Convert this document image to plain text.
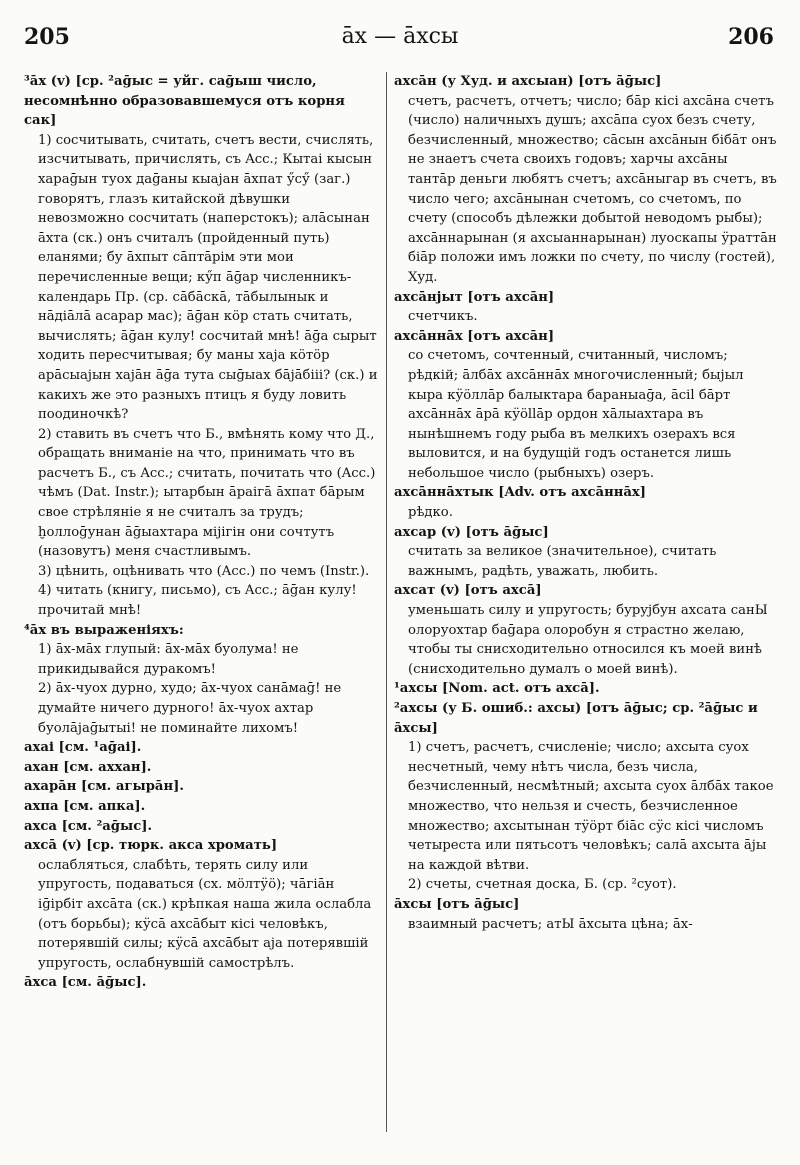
205	āх — āхсы	206

³āх (v) [ср. ²аḡыс = уйг. саḡыш число, несомнѣнно образовавшемуся отъ корня сак]

1) сосчитывать, считать, счетъ вести, счислять, изсчитывать, причислять, съ Acc.; Кытаі кысын хараḡын туох даḡаны кыаjан āхпат ӳсӳ (заг.) говорятъ, глазъ китайской дѣвушки невозможно сосчитать (наперстокъ); алāсынан āхта (ск.) онъ считалъ (пройденный путь) еланями; бу āхпыт сāптāрім эти мои перечисленные вещи; кӳп āḡар численникъ-календарь Пр. (ср. сāбāскā, тāбылынык и нāдіāлā асарар мас); āḡан кӧр стать считать, вычислять; āḡан кулу! сосчитай мнѣ! āḡа сырыт ходить пересчитывая; бу маны хаjа кӧтӧр арāсыаjын хаjāн āḡа тута сыḡыах бājāбііі? (ск.) и какихъ же это разныхъ птицъ я буду ловить поодиночкѣ?

2) ставить въ счетъ что Б., вмѣнять кому что Д., обращать вниманіе на что, принимать что въ расчетъ Б., съ Acc.; считать, почитать что (Acc.) чѣмъ (Dat. Instr.); ытарбын āраігā āхпат бāрым свое стрѣляніе я не считалъ за трудъ; ḫоллоḡунан āḡыахтара міjігін они сочтутъ (назовутъ) меня счастливымъ.

3) цѣнить, оцѣнивать что (Acc.) по чемъ (Instr.).

4) читать (книгу, письмо), съ Acc.; āḡан кулу! прочитай мнѣ!

⁴āх въ выраженіяхъ:

1) āх-мāх глупый: āх-мāх буолума! не прикидывайся дуракомъ!

2) āх-чуох дурно, худо; āх-чуох санāмаḡ! не думайте ничего дурного! āх-чуох ахтар буолājаḡытыі! не поминайте лихомъ!

ахаі [см. ¹аḡаі].

ахан [см. аххан].

ахарāн [см. агырāн].

ахпа [см. апка].

ахса [см. ²аḡыс].

ахсā (v) [ср. тюрк. акса хромать]

ослабляться, слабѣть, терять силу или упругость, подаваться (сх. мӧлтӱӧ); чāгіāн іḡірбіт ахсāта (ск.) крѣпкая наша жила ослабла (отъ борьбы); кӱсā ахсāбыт кісі человѣкъ, потерявшій силы; кӱсā ахсāбыт аjа потерявшій упругость, ослабнувшій самострѣлъ.

āхса [см. āḡыс].

ахсāн (у Худ. и ахсыан) [отъ āḡыс]

счетъ, расчетъ, отчетъ; число; бāр кісі ахсāна счетъ (число) наличныхъ душъ; ахсāпа суох безъ счету, безчисленный, множество; сāсын ахсāнын бібāт онъ не знаетъ счета своихъ годовъ; харчы ахсāны тантāр деньги любятъ счетъ; ахсāныгар въ счетъ, въ число чего; ахсāнынан счетомъ, со счетомъ, по счету (способъ дѣлежки добытой неводомъ рыбы); ахсāннарынан (я ахсыаннарынан) луоскапы ӱраттāн біāр положи имъ ложки по счету, по числу (гостей), Худ.

ахсāнjыт [отъ ахсāн]

счетчикъ.

ахсāннāх [отъ ахсāн]

со счетомъ, сочтенный, считанный, числомъ; рѣдкій; āлбāх ахсāннāх многочисленный; быjыл кыра кӱöллāр балыктара бараныаḡа, āсіl бāрт ахсāннāх āрā кӱöllāр ордон хāлыахтара въ нынѣшнемъ году рыба въ мелкихъ озерахъ вся выловится, и на будущій годъ останется лишь небольшое число (рыбныхъ) озеръ.

ахсāннāхтык [Adv. отъ ахсāннāх]

рѣдко.

ахсар (v) [отъ āḡыс]

считать за великое (значительное), считать важнымъ, радѣть, уважать, любить.

ахсат (v) [отъ ахсā]

уменьшать силу и упругость; буруjбун ахсата санЫ олоруохтар баḡара олоробун я страстно желаю, чтобы ты снисходительно относился къ моей винѣ (снисходительно думалъ о моей винѣ).

¹ахсы [Nom. act. отъ ахсā].

²ахсы (у Б. ошиб.: ахсы) [отъ āḡыс; ср. ²āḡыс и āхсы]

1) счетъ, расчетъ, счисленіе; число; ахсыта суох несчетный, чему нѣтъ числа, безъ числа, безчисленный, несмѣтный; ахсыта суох āлбāх такое множество, что нельзя и счесть, безчисленное множество; ахсытынан тӱӧрт біāс сӱс кісі числомъ четыреста или пятьсотъ человѣкъ; салā ахсыта ājы на каждой вѣтви.

2) счеты, счетная доска, Б. (ср. ²суот).

āхсы [отъ āḡыс]

взаимный расчетъ; атЫ āхсыта цѣна; āх-
